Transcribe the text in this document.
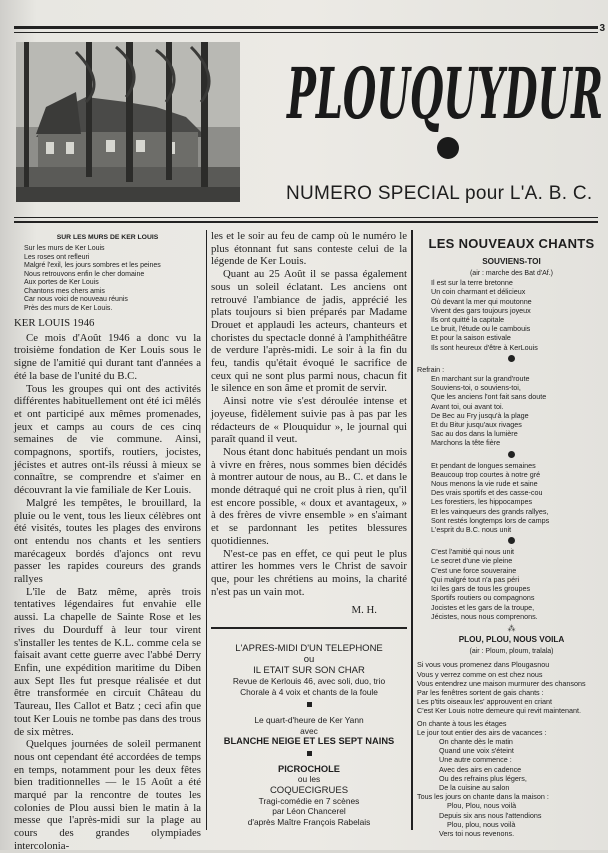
3
PLOUQUYDUR
NUMERO SPECIAL pour L'A. B. C.
SUR LES MURS DE KER LOUIS
Sur les murs de Ker Louis
Les roses ont refleuri
Malgré l'exil, les jours sombres et les peines
Nous retrouvons enfin le cher domaine
Aux portes de Ker Louis
Chantons mes chers amis
Car nous voici de nouveau réunis
Près des murs de Ker Louis.
KER LOUIS 1946

Ce mois d'Août 1946 a donc vu la troisième fondation de Ker Louis sous le signe de l'amitié qui durant tant d'années a été la base de l'unité du B.C.

Tous les groupes qui ont des activités différentes habituellement ont été ici mêlés et ont participé aux mêmes promenades, jeux et camps au cours de ces cinq semaines de vie commune. Ainsi, compagnons, sportifs, routiers, jocistes, jécistes et autres ont-ils réussi à mieux se connaître, se comprendre et s'aimer en découvrant la vie familiale de Ker Louis.

Malgré les tempêtes, le brouillard, la pluie ou le vent, tous les lieux célèbres ont été visités, toutes les plages des environs ont entendu nos chants et les sentiers marécageux bordés d'ajoncs ont revu passer les rapides coureurs des grands rallyes

L'île de Batz même, après trois tentatives légendaires fut envahie elle aussi. La chapelle de Sainte Rose et les rives du Dourduff à leur tour virent s'installer les tentes de K.L. comme cela se faisait avant cette guerre avec l'abbé Derry Enfin, une expédition maritime du Diben aux Sept Iles fut presque réalisée et dut être transformée en circuit Château du Taureau, Iles Callot et Batz ; ceci afin que tout Ker Louis ne tombe pas dans des trous de six mètres.

Quelques journées de soleil permanent nous ont cependant été accordées de temps en temps, notamment pour les deux fêtes bien traditionnelles — le 15 Août a été marqué par la rencontre de toutes les colonies de Plou aussi bien le matin à la messe que l'après-midi sur la plage au cours des grandes olympiades intercolonia-

les et le soir au feu de camp où le numéro le plus étonnant fut sans conteste celui de la légende de Ker Louis.

Quant au 25 Août il se passa également sous un soleil éclatant. Les anciens ont retrouvé l'ambiance de jadis, apprécié les plats toujours si bien préparés par Madame Drouet et applaudi les acteurs, chanteurs et choristes du spectacle donné à l'amphithéâtre de verdure l'après-midi. Le soir à la fin du feu, tandis qu'était évoqué le sacrifice de ceux qui ne sont plus parmi nous, chacun fit le silence en son âme et promit de servir.

Ainsi notre vie s'est déroulée intense et joyeuse, fidèlement suivie pas à pas par les rédacteurs de « Plouquidur », le journal qui paraît quand il veut.

Nous étant donc habitués pendant un mois à vivre en frères, nous sommes bien décidés à montrer autour de nous, au B.. C. et dans le monde détraqué qui ne croit plus à rien, qu'il est encore possible, « doux et avantageux, » à des frères de vivre ensemble » en s'aimant et se pardonnant les petites blessures quotidiennes.

N'est-ce pas en effet, ce qui peut le plus attirer les hommes vers le Christ de savoir que, pour les chrétiens au moins, la charité n'est pas un vain mot.

M. H.
L'APRES-MIDI D'UN TELEPHONE
ou
IL ETAIT SUR SON CHAR
Revue de Kerlouis 46, avec soli, duo, trio
Chorale à 4 voix et chants de la foule
Le quart-d'heure de Ker Yann
avec
BLANCHE NEIGE ET LES SEPT NAINS
PICROCHOLE
ou les
COQUECIGRUES
Tragi-comédie en 7 scènes
par Léon Chancerel
d'après Maître François Rabelais
LES NOUVEAUX CHANTS
SOUVIENS-TOI
(air : marche des Bat d'Af.)
Il est sur la terre bretonne
Un coin charmant et délicieux
Où devant la mer qui moutonne
Vivent des gars toujours joyeux
Ils ont quitté la capitale
Le bruit, l'étude ou le cambouis
Et pour la saison estivale
Ils sont heureux d'être à KerLouis
Refrain :
En marchant sur la grand'route
Souviens-toi, o souviens-toi,
Que les anciens l'ont fait sans doute
Avant toi, oui avant toi.
De Bec au Fry jusqu'à la plage
Et du Bitur jusqu'aux rivages
Sac au dos dans la lumière
Marchons la tête fière
Et pendant de longues semaines
Beaucoup trop courtes à notre gré
Nous menons la vie rude et saine
Des vrais sportifs et des casse-cou
Les forestiers, les hippocampes
Et les vainqueurs des grands rallyes,
Sont restés longtemps lors de camps
L'esprit du B.C. nous unit
C'est l'amitié qui nous unit
Le secret d'une vie pleine
C'est une force souveraine
Qui malgré tout n'a pas péri
Ici les gars de tous les groupes
Sportifs routiers ou compagnons
Jocistes et les gars de la troupe,
Jécistes, nous nous comprenons.
⁂
PLOU, PLOU, NOUS VOILA
(air : Ploum, ploum, tralala)
Si vous vous promenez dans Plougasnou
Vous y verrez comme on est chez nous
Vous entendrez une maison murmurer des chansons
Par les fenêtres sortent de gais chants :
Les p'tits oiseaux les' approuvent en criant
C'est Ker Louis notre demeure qui revit maintenant.
On chante à tous les étages
Le jour tout entier des airs de vacances :
On chante dès le matin
Quand une voix s'éteint
Une autre commence :
Avec des airs en cadence
Ou des refrains plus légers,
De la cuisine au salon
Tous les jours on chante dans la maison :
Plou, Plou, nous voilà
Depuis six ans nous l'attendions
Plou, plou, nous voilà
Vers toi nous revenons.
